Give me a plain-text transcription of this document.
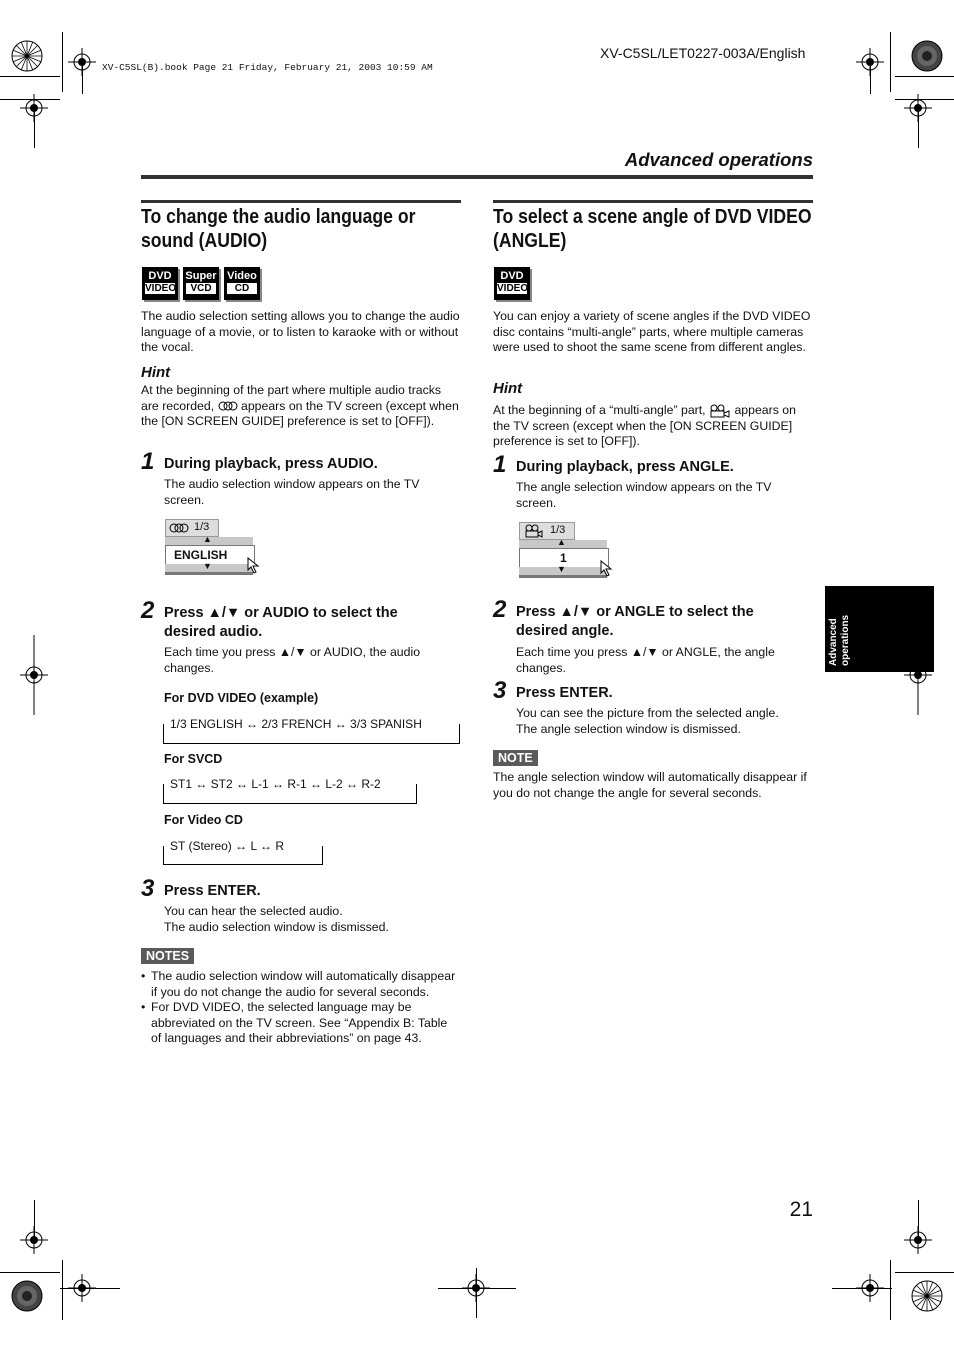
XV-C5SL(B).book Page 21 Friday, February 21, 2003 10:59 AM
XV-C5SL/LET0227-003A/English
Advanced operations
Advanced operations
To change the audio language or
sound (AUDIO)
DVD
VIDEO
Super
VCD
Video
CD
The audio selection setting allows you to change the audio language of a movie, or to listen to karaoke with or without the vocal.
Hint
At the beginning of the part where multiple audio tracks are recorded, appears on the TV screen (except when the [ON SCREEN GUIDE] preference is set to [OFF]).
1 During playback, press AUDIO.
The audio selection window appears on the TV screen.
1/3
▲
ENGLISH
▼
2 Press ▲/▼ or AUDIO to select the
desired audio.
Each time you press ▲/▼ or AUDIO, the audio changes.
For DVD VIDEO (example)
1/3 ENGLISH ↔ 2/3 FRENCH ↔ 3/3 SPANISH
For SVCD
ST1 ↔ ST2 ↔ L-1 ↔ R-1 ↔ L-2 ↔ R-2
For Video CD
ST (Stereo) ↔ L ↔ R
3 Press ENTER.
You can hear the selected audio.
The audio selection window is dismissed.
NOTES
• The audio selection window will automatically disappear if you do not change the audio for several seconds.
• For DVD VIDEO, the selected language may be abbreviated on the TV screen. See “Appendix B: Table of languages and their abbreviations” on page 43.
To select a scene angle of DVD VIDEO
(ANGLE)
DVD
VIDEO
You can enjoy a variety of scene angles if the DVD VIDEO disc contains “multi-angle” parts, where multiple cameras were used to shoot the same scene from different angles.
Hint
At the beginning of a “multi-angle” part, appears on the TV screen (except when the [ON SCREEN GUIDE] preference is set to [OFF]).
1 During playback, press ANGLE.
The angle selection window appears on the TV screen.
1/3
▲
1
▼
2 Press ▲/▼ or ANGLE to select the
desired angle.
Each time you press ▲/▼ or ANGLE, the angle changes.
3 Press ENTER.
You can see the picture from the selected angle.
The angle selection window is dismissed.
NOTE
The angle selection window will automatically disappear if you do not change the angle for several seconds.
21
